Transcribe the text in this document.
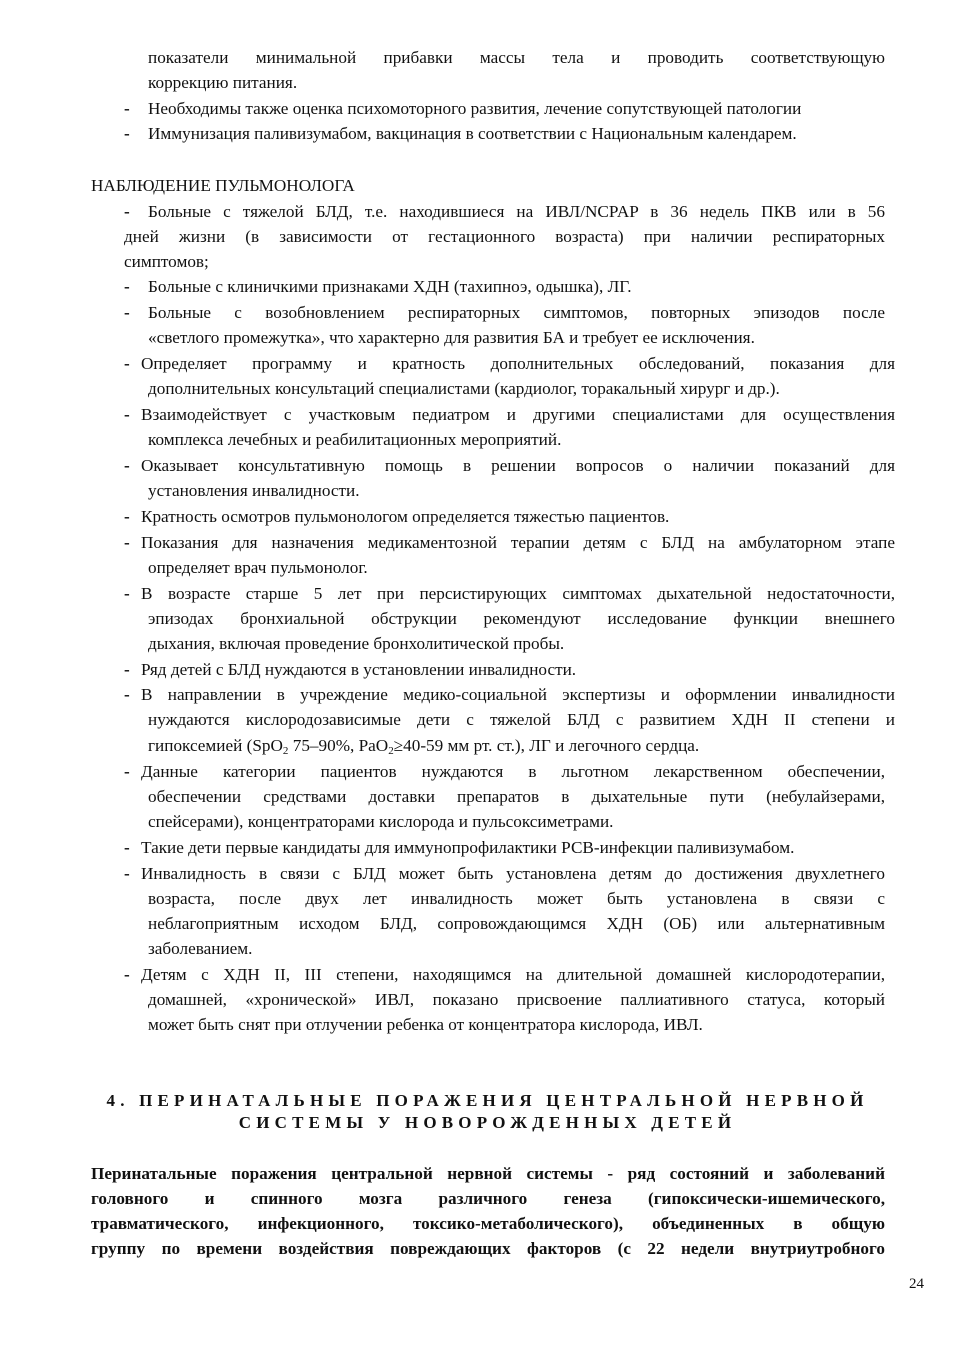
показатели минимальной прибавки массы тела и проводить соответствующую
коррекцию питания.
- Необходимы также оценка психомоторного развития, лечение сопутствующей патологии
- Иммунизация паливизумабом, вакцинация в соответствии с Национальным календарем.
НАБЛЮДЕНИЕ ПУЛЬМОНОЛОГА
- Больные с тяжелой БЛД, т.е. находившиеся на ИВЛ/NCPAP в 36 недель ПКВ или в 56
дней жизни (в зависимости от гестационного возраста) при наличии респираторных
симптомов;
- Больные с клиничкими признаками ХДН (тахипноэ, одышка), ЛГ.
- Больные с возобновлением респираторных симптомов, повторных эпизодов после
«светлого промежутка», что характерно для развития БА и требует ее исключения.
- Определяет программу и кратность дополнительных обследований, показания для
дополнительных консультаций специалистами (кардиолог, торакальный хирург и др.).
- Взаимодействует с участковым педиатром и другими специалистами для осуществления
комплекса лечебных и реабилитационных мероприятий.
- Оказывает консультативную помощь в решении вопросов о наличии показаний для
установления инвалидности.
- Кратность осмотров пульмонологом определяется тяжестью пациентов.
- Показания для назначения медикаментозной терапии детям с БЛД на амбулаторном этапе
определяет врач пульмонолог.
- В возрасте старше 5 лет при персистирующих симптомах дыхательной недостаточности,
эпизодах бронхиальной обструкции рекомендуют исследование функции внешнего
дыхания, включая проведение бронхолитической пробы.
- Ряд детей с БЛД нуждаются в установлении инвалидности.
- В направлении в учреждение медико-социальной экспертизы и оформлении инвалидности
нуждаются кислородозависимые дети с тяжелой БЛД с развитием ХДН II степени и
гипоксемией (SpO$_2$ 75–90%, PaO$_2$≥40-59 мм рт. ст.), ЛГ и легочного сердца.
- Данные категории пациентов нуждаются в льготном лекарственном обеспечении,
обеспечении средствами доставки препаратов в дыхательные пути (небулайзерами,
спейсерами), концентраторами кислорода и пульсоксиметрами.
- Такие дети первые кандидаты для иммунопрофилактики РСВ-инфекции паливизумабом.
- Инвалидность в связи с БЛД может быть установлена детям до достижения двухлетнего
возраста, после двух лет инвалидность может быть установлена в связи с
неблагоприятным исходом БЛД, сопровождающимся ХДН (ОБ) или альтернативным
заболеванием.
- Детям с ХДН II, III степени, находящимся на длительной домашней кислородотерапии,
домашней, «хронической» ИВЛ, показано присвоение паллиативного статуса, который
может быть снят при отлучении ребенка от концентратора кислорода, ИВЛ.
4. ПЕРИНАТАЛЬНЫЕ ПОРАЖЕНИЯ ЦЕНТРАЛЬНОЙ НЕРВНОЙ
СИСТЕМЫ У НОВОРОЖДЕННЫХ ДЕТЕЙ
Перинатальные поражения центральной нервной системы - ряд состояний и заболеваний
головного и спинного мозга различного генеза (гипоксически-ишемического,
травматического, инфекционного, токсико-метаболического), объединенных в общую
группу по времени воздействия повреждающих факторов (с 22 недели внутриутробного
24
